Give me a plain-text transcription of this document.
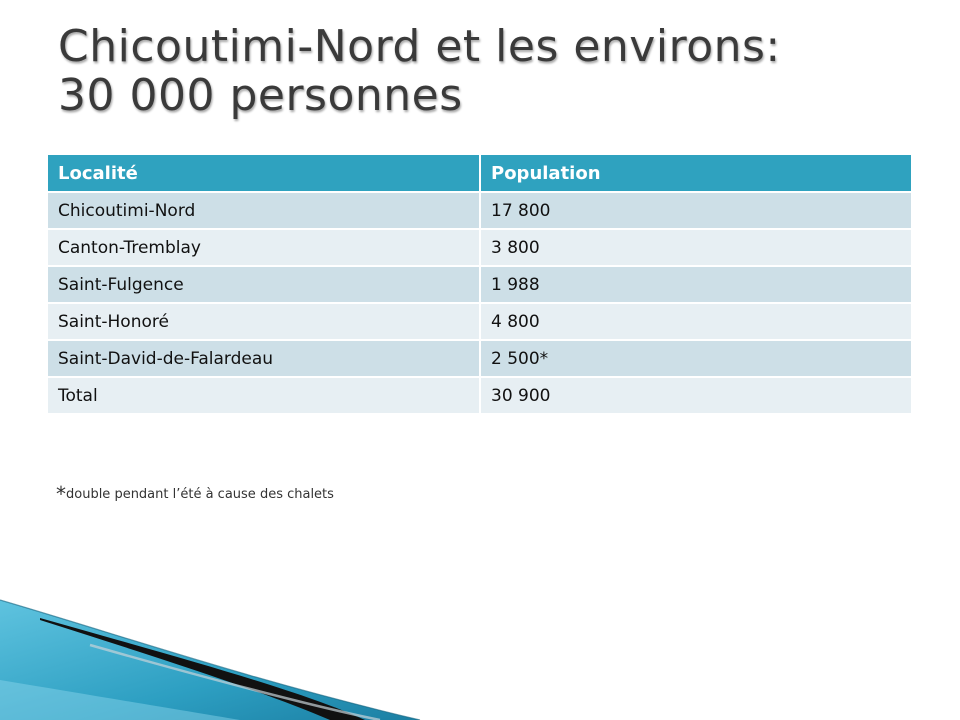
Chicoutimi-Nord et les environs:
30 000 personnes
Localité	Population
Chicoutimi-Nord	17 800
Canton-Tremblay	3 800
Saint-Fulgence	1 988
Saint-Honoré	4 800
Saint-David-de-Falardeau	2 500*
Total	30 900
*double pendant l’été à cause des chalets
